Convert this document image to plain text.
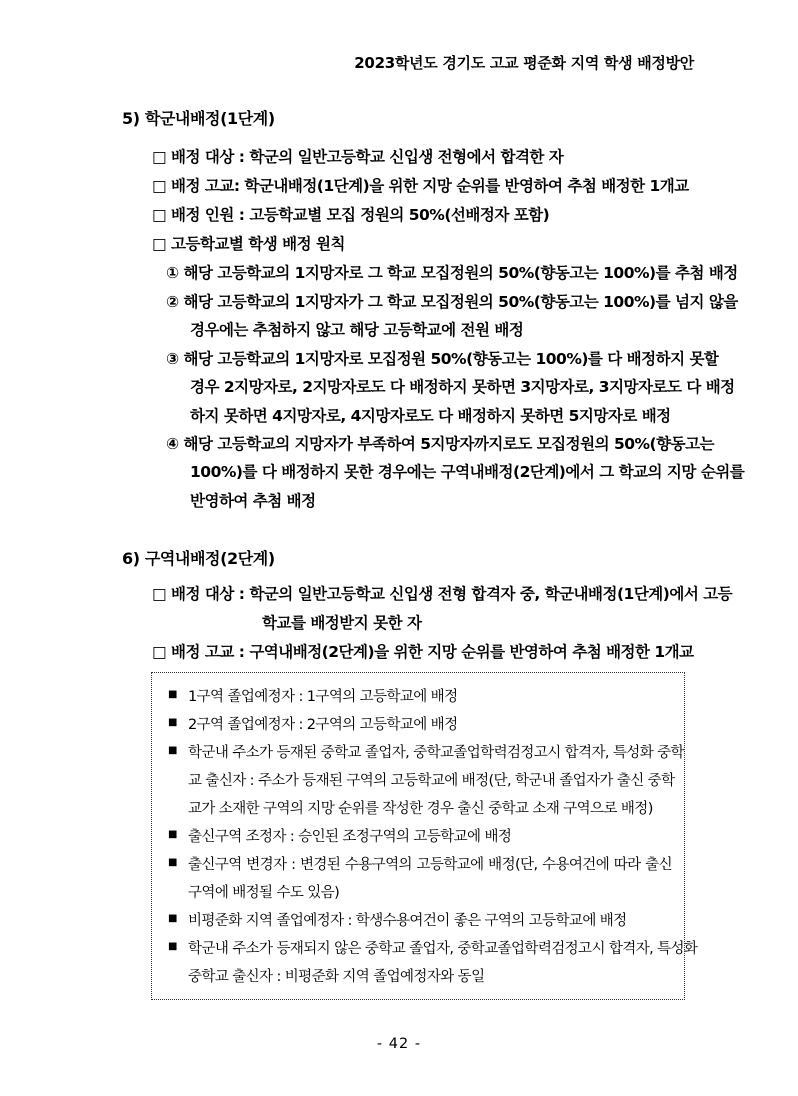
2023학년도 경기도 고교 평준화 지역 학생 배정방안
5) 학군내배정(1단계)
□ 배정 대상 : 학군의 일반고등학교 신입생 전형에서 합격한 자
□ 배정 고교: 학군내배정(1단계)을 위한 지망 순위를 반영하여 추첨 배정한 1개교
□ 배정 인원 : 고등학교별 모집 정원의 50%(선배정자 포함)
□ 고등학교별 학생 배정 원칙
① 해당 고등학교의 1지망자로 그 학교 모집정원의 50%(향동고는 100%)를 추첨 배정
② 해당 고등학교의 1지망자가 그 학교 모집정원의 50%(향동고는 100%)를 넘지 않을
경우에는 추첨하지 않고 해당 고등학교에 전원 배정
③ 해당 고등학교의 1지망자로 모집정원 50%(향동고는 100%)를 다 배정하지 못할
경우 2지망자로, 2지망자로도 다 배정하지 못하면 3지망자로, 3지망자로도 다 배정
하지 못하면 4지망자로, 4지망자로도 다 배정하지 못하면 5지망자로 배정
④ 해당 고등학교의 지망자가 부족하여 5지망자까지로도 모집정원의 50%(향동고는
100%)를 다 배정하지 못한 경우에는 구역내배정(2단계)에서 그 학교의 지망 순위를
반영하여 추첨 배정
6) 구역내배정(2단계)
□ 배정 대상 : 학군의 일반고등학교 신입생 전형 합격자 중, 학군내배정(1단계)에서 고등
학교를 배정받지 못한 자
□ 배정 고교 : 구역내배정(2단계)을 위한 지망 순위를 반영하여 추첨 배정한 1개교
■ 1구역 졸업예정자 : 1구역의 고등학교에 배정
■ 2구역 졸업예정자 : 2구역의 고등학교에 배정
■ 학군내 주소가 등재된 중학교 졸업자, 중학교졸업학력검정고시 합격자, 특성화 중학
교 출신자 : 주소가 등재된 구역의 고등학교에 배정(단, 학군내 졸업자가 출신 중학
교가 소재한 구역의 지망 순위를 작성한 경우 출신 중학교 소재 구역으로 배정)
■ 출신구역 조정자 : 승인된 조정구역의 고등학교에 배정
■ 출신구역 변경자 : 변경된 수용구역의 고등학교에 배정(단, 수용여건에 따라 출신
구역에 배정될 수도 있음)
■ 비평준화 지역 졸업예정자 : 학생수용여건이 좋은 구역의 고등학교에 배정
■ 학군내 주소가 등재되지 않은 중학교 졸업자, 중학교졸업학력검정고시 합격자, 특성화
중학교 출신자 : 비평준화 지역 졸업예정자와 동일
- 42 -
